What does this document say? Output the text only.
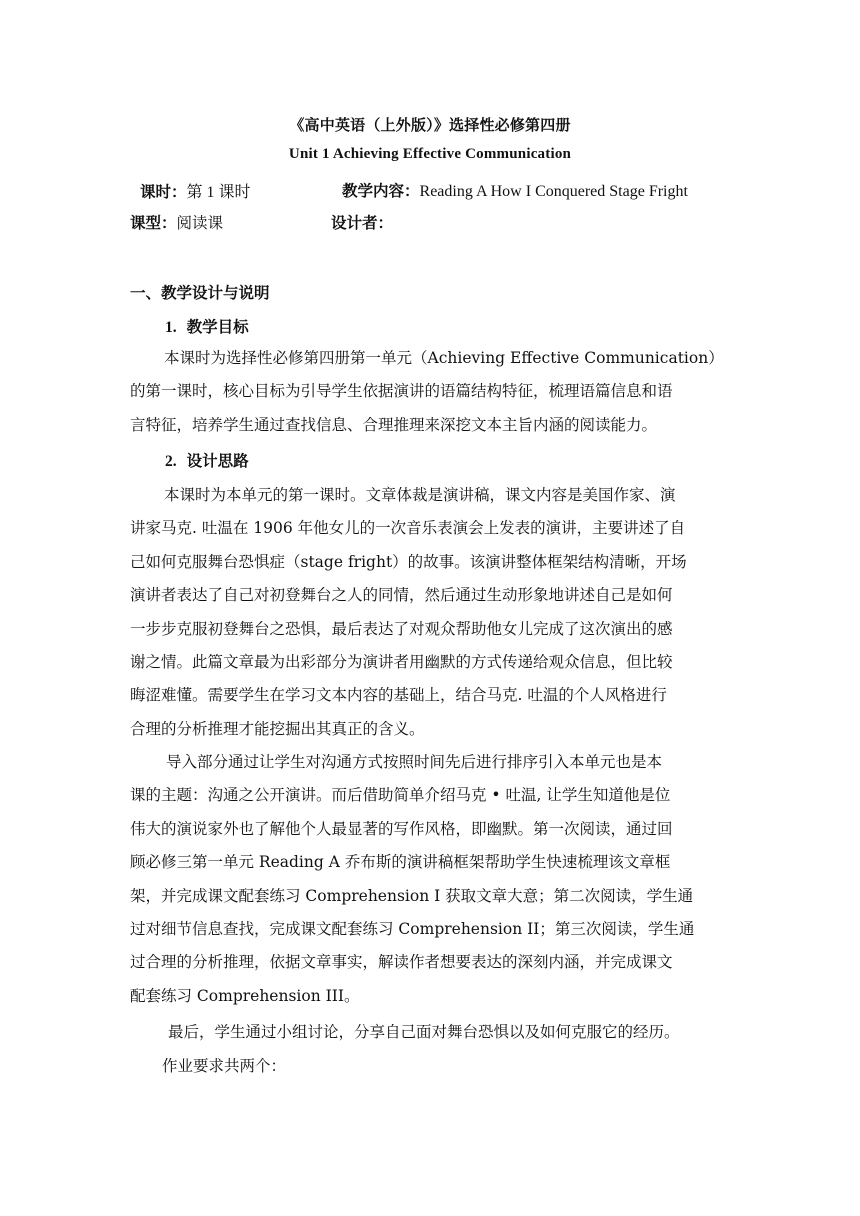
《高中英语（上外版）》选择性必修第四册
Unit 1 Achieving Effective Communication
课时：第 1 课时	教学内容：Reading A How I Conquered Stage Fright
课型：阅读课	设计者：
一、教学设计与说明
1. 教学目标
本课时为选择性必修第四册第一单元（Achieving Effective Communication）
的第一课时，核心目标为引导学生依据演讲的语篇结构特征，梳理语篇信息和语
言特征，培养学生通过查找信息、合理推理来深挖文本主旨内涵的阅读能力。
2. 设计思路
本课时为本单元的第一课时。文章体裁是演讲稿，课文内容是美国作家、演
讲家马克. 吐温在 1906 年他女儿的一次音乐表演会上发表的演讲，主要讲述了自
己如何克服舞台恐惧症（stage fright）的故事。该演讲整体框架结构清晰，开场
演讲者表达了自己对初登舞台之人的同情，然后通过生动形象地讲述自己是如何
一步步克服初登舞台之恐惧，最后表达了对观众帮助他女儿完成了这次演出的感
谢之情。此篇文章最为出彩部分为演讲者用幽默的方式传递给观众信息，但比较
晦涩难懂。需要学生在学习文本内容的基础上，结合马克. 吐温的个人风格进行
合理的分析推理才能挖掘出其真正的含义。
导入部分通过让学生对沟通方式按照时间先后进行排序引入本单元也是本
课的主题：沟通之公开演讲。而后借助简单介绍马克 • 吐温, 让学生知道他是位
伟大的演说家外也了解他个人最显著的写作风格，即幽默。第一次阅读，通过回
顾必修三第一单元 Reading A 乔布斯的演讲稿框架帮助学生快速梳理该文章框
架，并完成课文配套练习 Comprehension I 获取文章大意；第二次阅读，学生通
过对细节信息查找，完成课文配套练习 Comprehension II；第三次阅读，学生通
过合理的分析推理，依据文章事实，解读作者想要表达的深刻内涵，并完成课文
配套练习 Comprehension III。
最后，学生通过小组讨论，分享自己面对舞台恐惧以及如何克服它的经历。
作业要求共两个：
